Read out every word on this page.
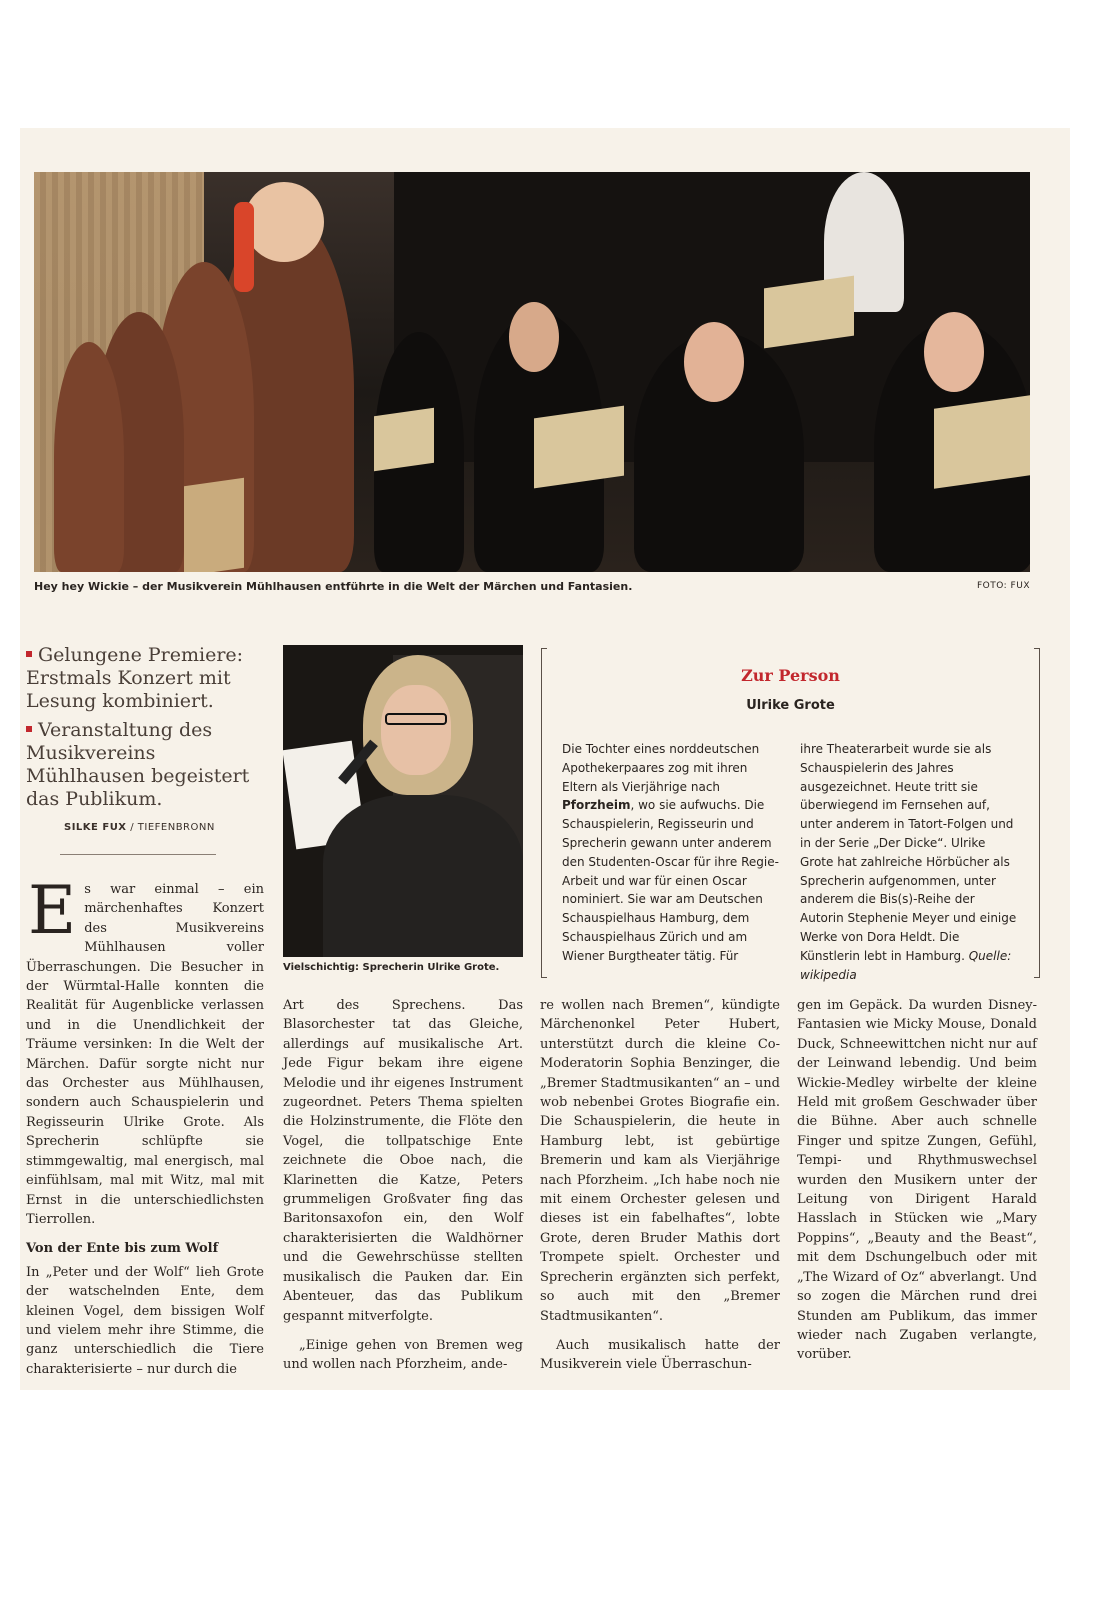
Hey hey Wickie – der Musikverein Mühlhausen entführte in die Welt der Märchen und Fantasien.	FOTO: FUX

Gelungene Premiere: Erstmals Konzert mit Lesung kombiniert.

Veranstaltung des Musikvereins Mühlhausen begeistert das Publikum.

SILKE FUX / TIEFENBRONN
Vielschichtig: Sprecherin Ulrike Grote.
Zur Person
Ulrike Grote
Die Tochter eines norddeutschen Apothekerpaares zog mit ihren Eltern als Vierjährige nach Pforzheim, wo sie aufwuchs. Die Schauspielerin, Regisseurin und Sprecherin gewann unter anderem den Studenten-Oscar für ihre Regie-Arbeit und war für einen Oscar nominiert. Sie war am Deutschen Schauspielhaus Hamburg, dem Schauspielhaus Zürich und am Wiener Burgtheater tätig. Für
ihre Theaterarbeit wurde sie als Schauspielerin des Jahres ausgezeichnet. Heute tritt sie überwiegend im Fernsehen auf, unter anderem in Tatort-Folgen und in der Serie „Der Dicke“. Ulrike Grote hat zahlreiche Hörbücher als Sprecherin aufgenommen, unter anderem die Bis(s)-Reihe der Autorin Stephenie Meyer und einige Werke von Dora Heldt. Die Künstlerin lebt in Hamburg. Quelle: wikipedia

Es war einmal – ein märchenhaftes Konzert des Musikvereins Mühlhausen voller Überraschungen. Die Besucher in der Würmtal-Halle konnten die Realität für Augenblicke verlassen und in die Unendlichkeit der Träume versinken: In die Welt der Märchen. Dafür sorgte nicht nur das Orchester aus Mühlhausen, sondern auch Schauspielerin und Regisseurin Ulrike Grote. Als Sprecherin schlüpfte sie stimmgewaltig, mal energisch, mal einfühlsam, mal mit Witz, mal mit Ernst in die unterschiedlichsten Tierrollen.

Von der Ente bis zum Wolf

In „Peter und der Wolf“ lieh Grote der watschelnden Ente, dem kleinen Vogel, dem bissigen Wolf und vielem mehr ihre Stimme, die ganz unterschiedlich die Tiere charakterisierte – nur durch die

Art des Sprechens. Das Blasorchester tat das Gleiche, allerdings auf musikalische Art. Jede Figur bekam ihre eigene Melodie und ihr eigenes Instrument zugeordnet. Peters Thema spielten die Holzinstrumente, die Flöte den Vogel, die tollpatschige Ente zeichnete die Oboe nach, die Klarinetten die Katze, Peters grummeligen Großvater fing das Baritonsaxofon ein, den Wolf charakterisierten die Waldhörner und die Gewehrschüsse stellten musikalisch die Pauken dar. Ein Abenteuer, das das Publikum gespannt mitverfolgte.

„Einige gehen von Bremen weg und wollen nach Pforzheim, ande-

re wollen nach Bremen“, kündigte Märchenonkel Peter Hubert, unterstützt durch die kleine Co-Moderatorin Sophia Benzinger, die „Bremer Stadtmusikanten“ an – und wob nebenbei Grotes Biografie ein. Die Schauspielerin, die heute in Hamburg lebt, ist gebürtige Bremerin und kam als Vierjährige nach Pforzheim. „Ich habe noch nie mit einem Orchester gelesen und dieses ist ein fabelhaftes“, lobte Grote, deren Bruder Mathis dort Trompete spielt. Orchester und Sprecherin ergänzten sich perfekt, so auch mit den „Bremer Stadtmusikanten“.

Auch musikalisch hatte der Musikverein viele Überraschun-

gen im Gepäck. Da wurden Disney-Fantasien wie Micky Mouse, Donald Duck, Schneewittchen nicht nur auf der Leinwand lebendig. Und beim Wickie-Medley wirbelte der kleine Held mit großem Geschwader über die Bühne. Aber auch schnelle Finger und spitze Zungen, Gefühl, Tempi- und Rhythmuswechsel wurden den Musikern unter der Leitung von Dirigent Harald Hasslach in Stücken wie „Mary Poppins“, „Beauty and the Beast“, mit dem Dschungelbuch oder mit „The Wizard of Oz“ abverlangt. Und so zogen die Märchen rund drei Stunden am Publikum, das immer wieder nach Zugaben verlangte, vorüber.
